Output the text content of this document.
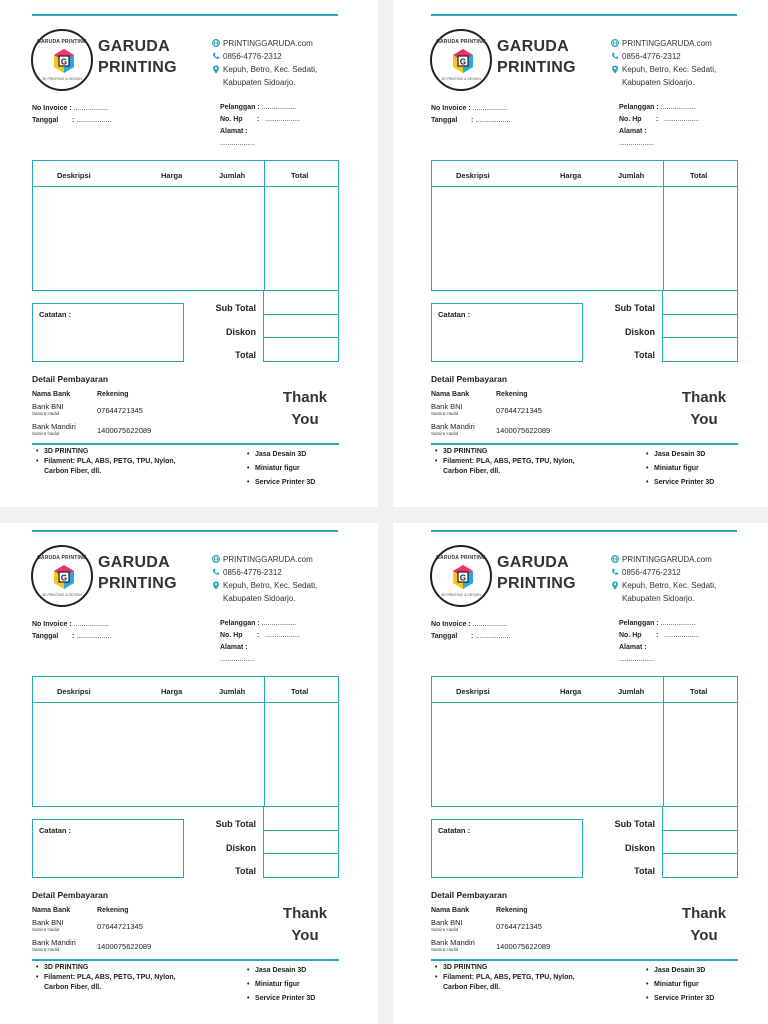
GARUDA PRINTING
G
3D PRINTING & DESIGN
GARUDA
PRINTING
PRINTINGGARUDA.com
0856-4776-2312
Kepuh, Betro, Kec. Sedati,
Kabupaten Sidoarjo.
No Invoice : ..................
Tanggal	: ..................
Pelanggan : ..................
No. Hp	: ..................
Alamat :
..................
Deskripsi	Harga	Jumlah	Total
Sub Total
Diskon
Total
Catatan :
Detail Pembayaran
Nama Bank	Rekening
Bank BNI
Samira Hadid	07644721345
Bank Mandiri
Samira Hadid	1400075622089
Thank
You
• 3D PRINTING
• Filament: PLA, ABS, PETG, TPU, Nylon,
Carbon Fiber, dll.
• Jasa Desain 3D
• Miniatur figur
• Service Printer 3D
GARUDA PRINTING
G
3D PRINTING & DESIGN
GARUDA
PRINTING
PRINTINGGARUDA.com
0856-4776-2312
Kepuh, Betro, Kec. Sedati,
Kabupaten Sidoarjo.
No Invoice : ..................
Tanggal	: ..................
Pelanggan : ..................
No. Hp	: ..................
Alamat :
..................
Deskripsi	Harga	Jumlah	Total
Sub Total
Diskon
Total
Catatan :
Detail Pembayaran
Nama Bank	Rekening
Bank BNI
Samira Hadid	07644721345
Bank Mandiri
Samira Hadid	1400075622089
Thank
You
• 3D PRINTING
• Filament: PLA, ABS, PETG, TPU, Nylon,
Carbon Fiber, dll.
• Jasa Desain 3D
• Miniatur figur
• Service Printer 3D
GARUDA PRINTING
G
3D PRINTING & DESIGN
GARUDA
PRINTING
PRINTINGGARUDA.com
0856-4776-2312
Kepuh, Betro, Kec. Sedati,
Kabupaten Sidoarjo.
No Invoice : ..................
Tanggal	: ..................
Pelanggan : ..................
No. Hp	: ..................
Alamat :
..................
Deskripsi	Harga	Jumlah	Total
Sub Total
Diskon
Total
Catatan :
Detail Pembayaran
Nama Bank	Rekening
Bank BNI
Samira Hadid	07644721345
Bank Mandiri
Samira Hadid	1400075622089
Thank
You
• 3D PRINTING
• Filament: PLA, ABS, PETG, TPU, Nylon,
Carbon Fiber, dll.
• Jasa Desain 3D
• Miniatur figur
• Service Printer 3D
GARUDA PRINTING
G
3D PRINTING & DESIGN
GARUDA
PRINTING
PRINTINGGARUDA.com
0856-4776-2312
Kepuh, Betro, Kec. Sedati,
Kabupaten Sidoarjo.
No Invoice : ..................
Tanggal	: ..................
Pelanggan : ..................
No. Hp	: ..................
Alamat :
..................
Deskripsi	Harga	Jumlah	Total
Sub Total
Diskon
Total
Catatan :
Detail Pembayaran
Nama Bank	Rekening
Bank BNI
Samira Hadid	07644721345
Bank Mandiri
Samira Hadid	1400075622089
Thank
You
• 3D PRINTING
• Filament: PLA, ABS, PETG, TPU, Nylon,
Carbon Fiber, dll.
• Jasa Desain 3D
• Miniatur figur
• Service Printer 3D
